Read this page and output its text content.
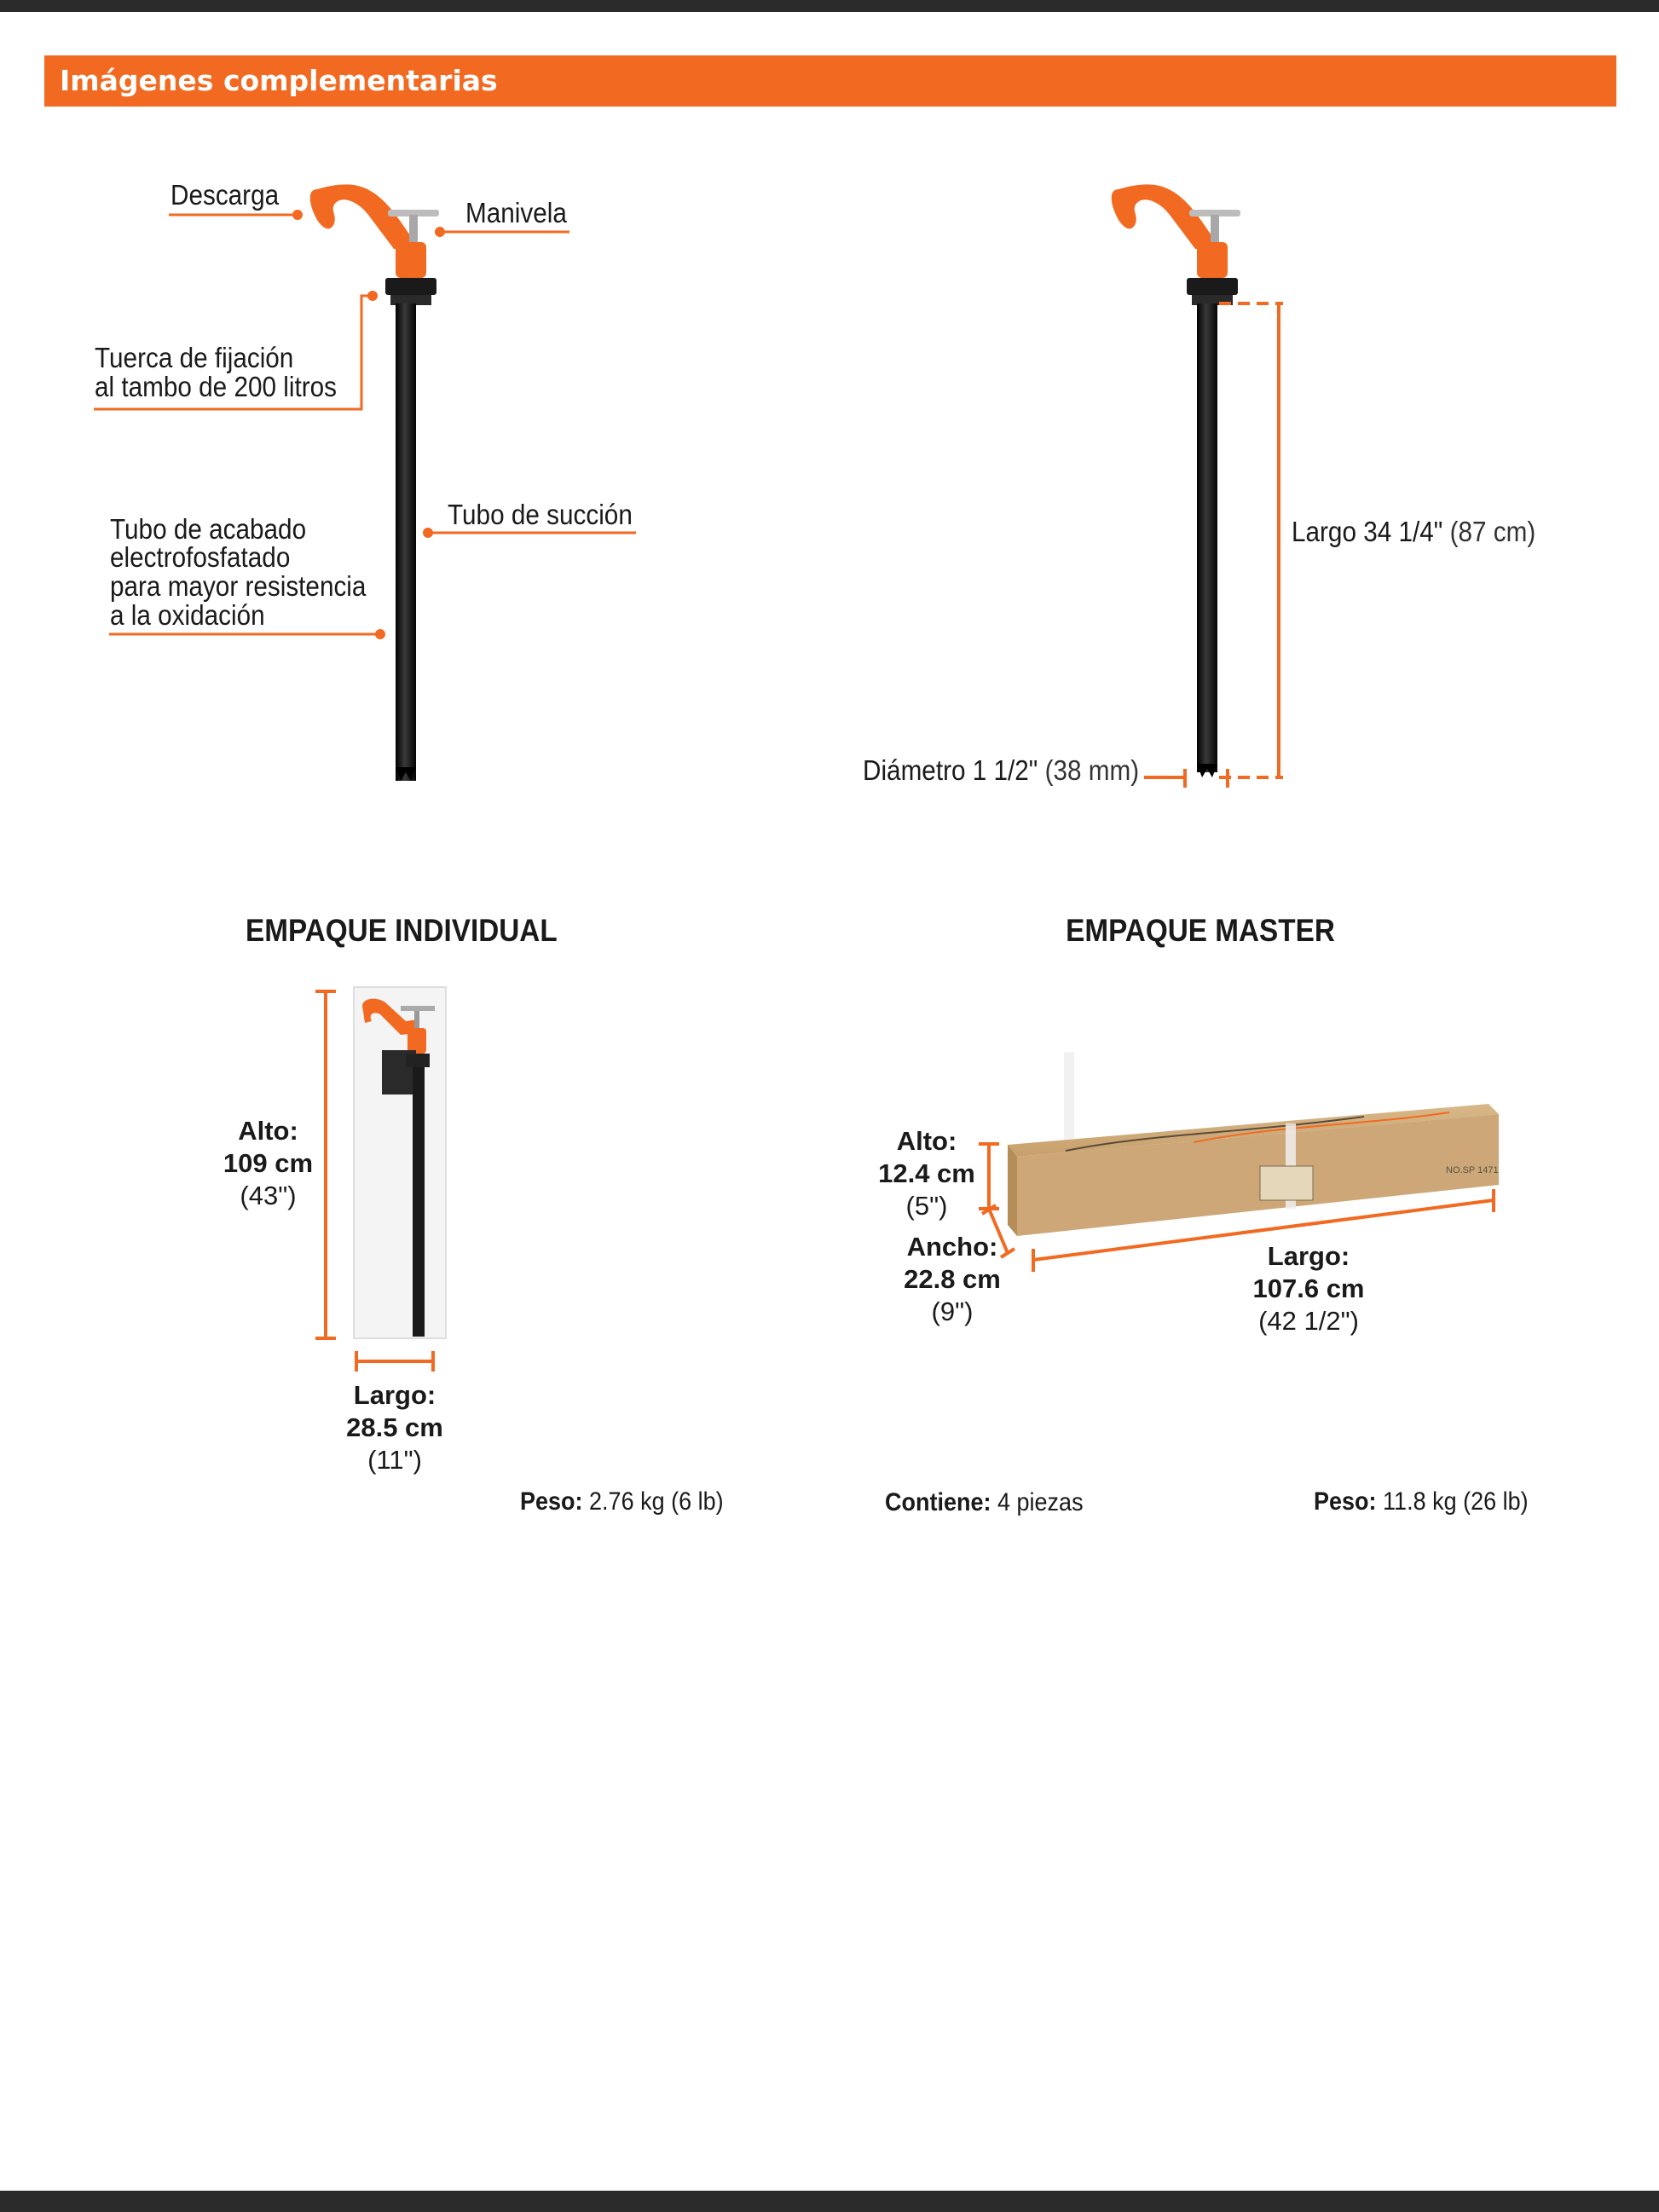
Imágenes complementarias
NO.SP 1471
Descarga
Manivela
Tuerca de fijación
al tambo de 200 litros
Tubo de succión
Tubo de acabado
electrofosfatado
para mayor resistencia
a la oxidación
Largo 34 1/4" (87 cm)
Diámetro 1 1/2" (38 mm)
EMPAQUE INDIVIDUAL	EMPAQUE MASTER
Alto:
109 cm
(43")
Largo:
28.5 cm
(11")
Peso: 2.76 kg (6 lb)
Alto:
12.4 cm
(5")
Ancho:
22.8 cm
(9")
Largo:
107.6 cm
(42 1/2")
Contiene: 4 piezas	Peso: 11.8 kg (26 lb)
